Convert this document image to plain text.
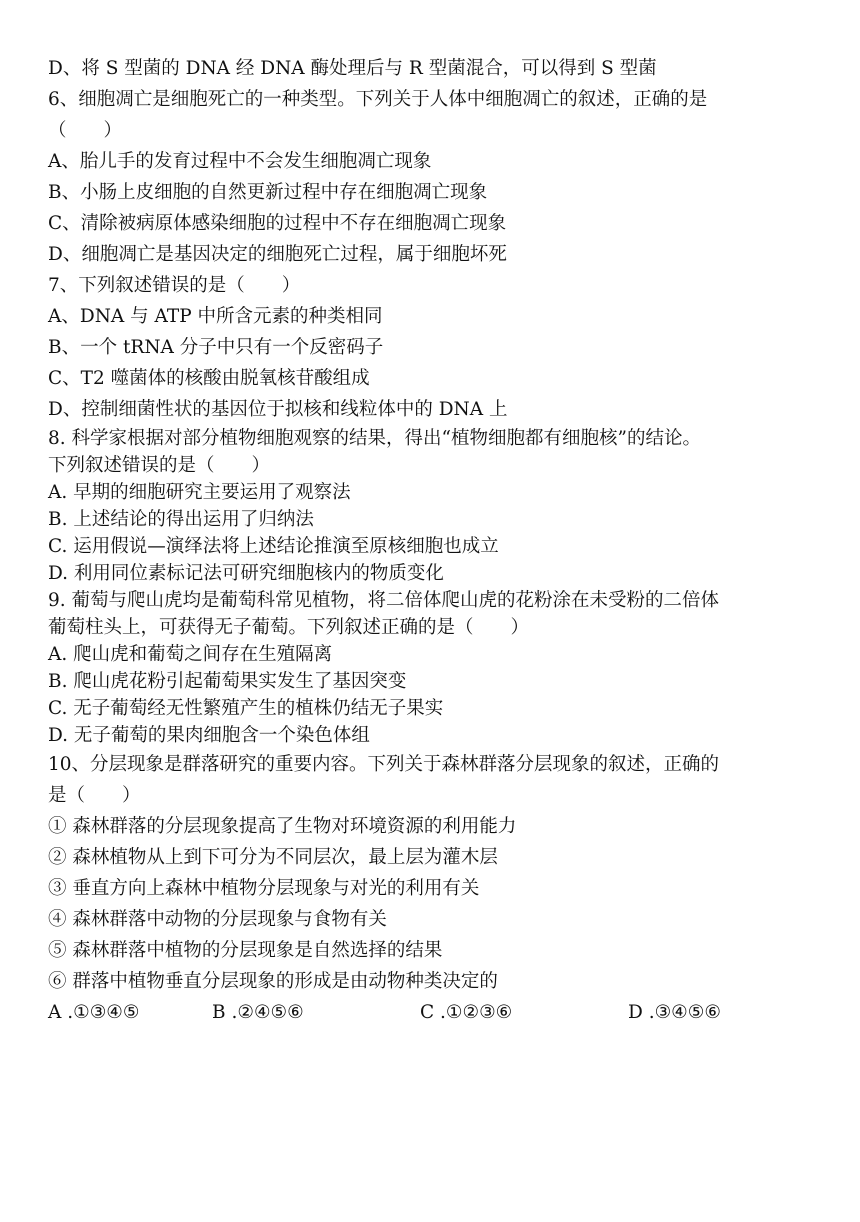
D、将 S 型菌的 DNA 经 DNA 酶处理后与 R 型菌混合，可以得到 S 型菌
6、细胞凋亡是细胞死亡的一种类型。下列关于人体中细胞凋亡的叙述，正确的是
（　　）
A、胎儿手的发育过程中不会发生细胞凋亡现象
B、小肠上皮细胞的自然更新过程中存在细胞凋亡现象
C、清除被病原体感染细胞的过程中不存在细胞凋亡现象
D、细胞凋亡是基因决定的细胞死亡过程，属于细胞坏死
7、下列叙述错误的是（　　）
A、DNA 与 ATP 中所含元素的种类相同
B、一个 tRNA 分子中只有一个反密码子
C、T2 噬菌体的核酸由脱氧核苷酸组成
D、控制细菌性状的基因位于拟核和线粒体中的 DNA 上
8. 科学家根据对部分植物细胞观察的结果，得出“植物细胞都有细胞核”的结论。
下列叙述错误的是（　　）
A. 早期的细胞研究主要运用了观察法
B. 上述结论的得出运用了归纳法
C. 运用假说—演绎法将上述结论推演至原核细胞也成立
D. 利用同位素标记法可研究细胞核内的物质变化
9. 葡萄与爬山虎均是葡萄科常见植物，将二倍体爬山虎的花粉涂在未受粉的二倍体
葡萄柱头上，可获得无子葡萄。下列叙述正确的是（　　）
A. 爬山虎和葡萄之间存在生殖隔离
B. 爬山虎花粉引起葡萄果实发生了基因突变
C. 无子葡萄经无性繁殖产生的植株仍结无子果实
D. 无子葡萄的果肉细胞含一个染色体组
10、分层现象是群落研究的重要内容。下列关于森林群落分层现象的叙述，正确的
是（　　）
① 森林群落的分层现象提高了生物对环境资源的利用能力
② 森林植物从上到下可分为不同层次，最上层为灌木层
③ 垂直方向上森林中植物分层现象与对光的利用有关
④ 森林群落中动物的分层现象与食物有关
⑤ 森林群落中植物的分层现象是自然选择的结果
⑥ 群落中植物垂直分层现象的形成是由动物种类决定的
A .①③④⑤	B .②④⑤⑥	C .①②③⑥	D .③④⑤⑥
